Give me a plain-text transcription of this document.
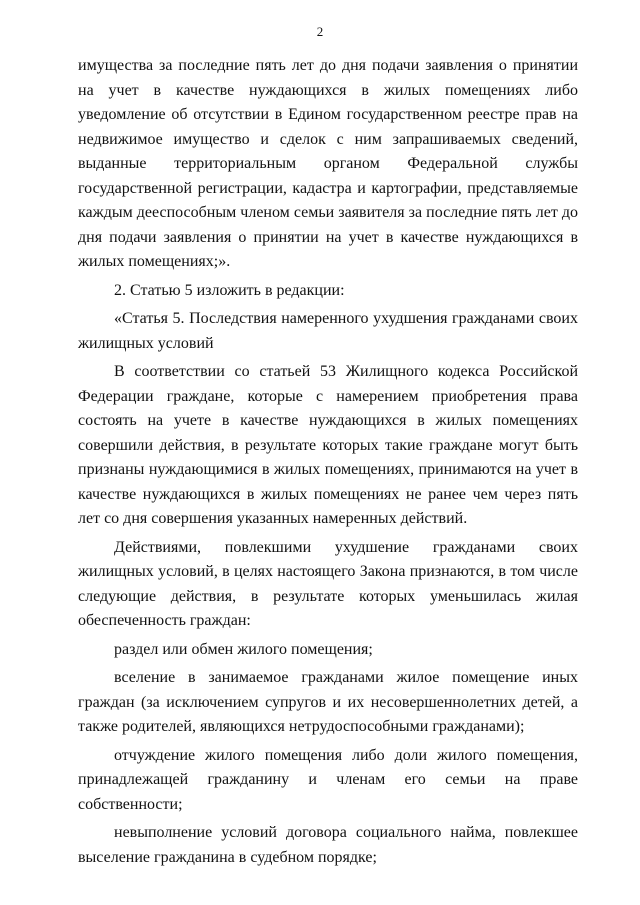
2

имущества за последние пять лет до дня подачи заявления о принятии на учет в качестве нуждающихся в жилых помещениях либо уведомление об отсутствии в Едином государственном реестре прав на недвижимое имущество и сделок с ним запрашиваемых сведений, выданные территориальным органом Федеральной службы государственной регистрации, кадастра и картографии, представляемые каждым дееспособным членом семьи заявителя за последние пять лет до дня подачи заявления о принятии на учет в качестве нуждающихся в жилых помещениях;».

2. Статью 5 изложить в редакции:

«Статья 5. Последствия намеренного ухудшения гражданами своих жилищных условий

В соответствии со статьей 53 Жилищного кодекса Российской Федерации граждане, которые с намерением приобретения права состоять на учете в качестве нуждающихся в жилых помещениях совершили действия, в результате которых такие граждане могут быть признаны нуждающимися в жилых помещениях, принимаются на учет в качестве нуждающихся в жилых помещениях не ранее чем через пять лет со дня совершения указанных намеренных действий.

Действиями, повлекшими ухудшение гражданами своих жилищных условий, в целях настоящего Закона признаются, в том числе следующие действия, в результате которых уменьшилась жилая обеспеченность граждан:

раздел или обмен жилого помещения;

вселение в занимаемое гражданами жилое помещение иных граждан (за исключением супругов и их несовершеннолетних детей, а также родителей, являющихся нетрудоспособными гражданами);

отчуждение жилого помещения либо доли жилого помещения, принадлежащей гражданину и членам его семьи на праве собственности;

невыполнение условий договора социального найма, повлекшее выселение гражданина в судебном порядке;
